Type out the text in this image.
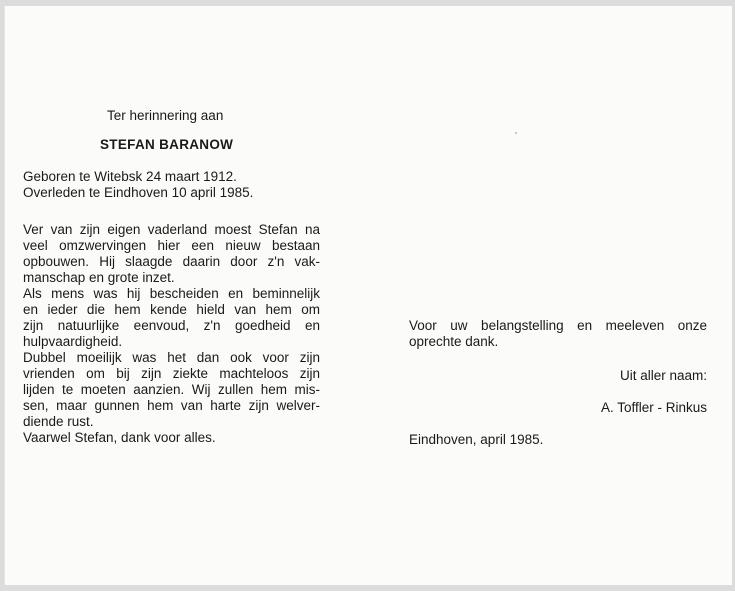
Ter herinnering aan
STEFAN BARANOW
Geboren te Witebsk 24 maart 1912.
Overleden te Eindhoven 10 april 1985.
Ver van zijn eigen vaderland moest Stefan na
veel omzwervingen hier een nieuw bestaan
opbouwen. Hij slaagde daarin door z'n vak-
manschap en grote inzet.
Als mens was hij bescheiden en beminnelijk
en ieder die hem kende hield van hem om
zijn natuurlijke eenvoud, z'n goedheid en
hulpvaardigheid.
Dubbel moeilijk was het dan ook voor zijn
vrienden om bij zijn ziekte machteloos zijn
lijden te moeten aanzien. Wij zullen hem mis-
sen, maar gunnen hem van harte zijn welver-
diende rust.
Vaarwel Stefan, dank voor alles.
Voor uw belangstelling en meeleven onze
oprechte dank.
Uit aller naam:
A. Toffler - Rinkus
Eindhoven, april 1985.
